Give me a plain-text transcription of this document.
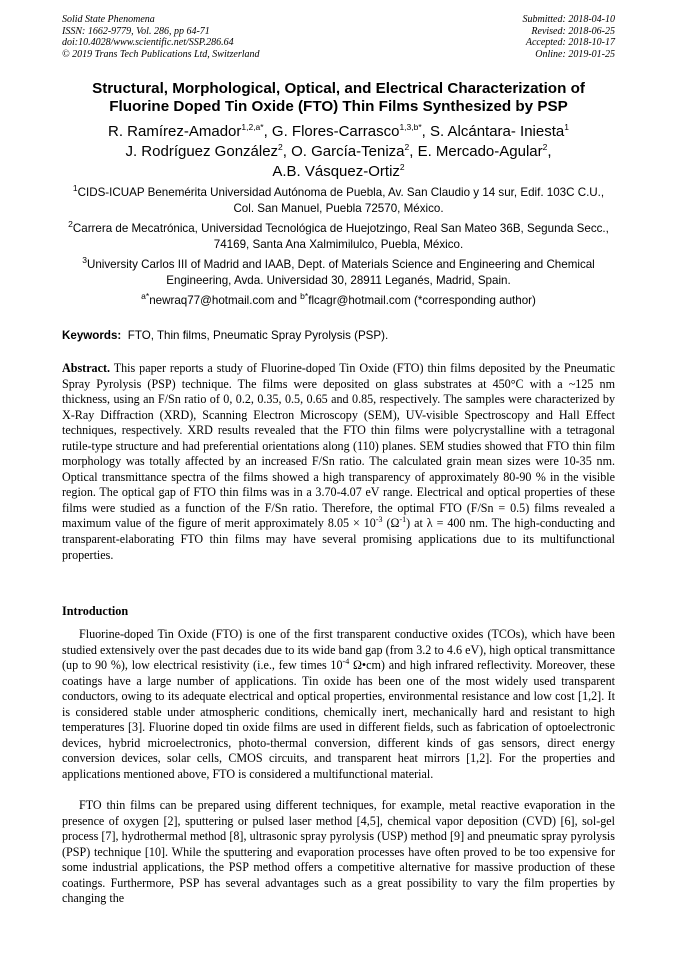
Solid State Phenomena
ISSN: 1662-9779, Vol. 286, pp 64-71
doi:10.4028/www.scientific.net/SSP.286.64
© 2019 Trans Tech Publications Ltd, Switzerland
Submitted: 2018-04-10
Revised: 2018-06-25
Accepted: 2018-10-17
Online: 2019-01-25
Structural, Morphological, Optical, and Electrical Characterization of
Fluorine Doped Tin Oxide (FTO) Thin Films Synthesized by PSP
R. Ramírez-Amador$^{1,2,a*}$, G. Flores-Carrasco$^{1,3,b*}$, S. Alcántara- Iniesta$^1$
J. Rodríguez González$^2$, O. García-Teniza$^2$, E. Mercado-Agular$^2$,
A.B. Vásquez-Ortiz$^2$
$^1$CIDS-ICUAP Benemérita Universidad Autónoma de Puebla, Av. San Claudio y 14 sur, Edif. 103C C.U., Col. San Manuel, Puebla 72570, México.
$^2$Carrera de Mecatrónica, Universidad Tecnológica de Huejotzingo, Real San Mateo 36B, Segunda Secc., 74169, Santa Ana Xalmimilulco, Puebla, México.
$^3$University Carlos III of Madrid and IAAB, Dept. of Materials Science and Engineering and Chemical Engineering, Avda. Universidad 30, 28911 Leganés, Madrid, Spain.
$^{a*}$newraq77@hotmail.com and $^{b*}$flcagr@hotmail.com (*corresponding author)
Keywords: FTO, Thin films, Pneumatic Spray Pyrolysis (PSP).
Abstract. This paper reports a study of Fluorine-doped Tin Oxide (FTO) thin films deposited by the Pneumatic Spray Pyrolysis (PSP) technique. The films were deposited on glass substrates at 450°C with a ~125 nm thickness, using an F/Sn ratio of 0, 0.2, 0.35, 0.5, 0.65 and 0.85, respectively. The samples were characterized by X-Ray Diffraction (XRD), Scanning Electron Microscopy (SEM), UV-visible Spectroscopy and Hall Effect techniques, respectively. XRD results revealed that the FTO thin films were polycrystalline with a tetragonal rutile-type structure and had preferential orientations along (110) planes. SEM studies showed that FTO thin film morphology was totally affected by an increased F/Sn ratio. The calculated grain mean sizes were 10-35 nm. Optical transmittance spectra of the films showed a high transparency of approximately 80-90 % in the visible region. The optical gap of FTO thin films was in a 3.70-4.07 eV range. Electrical and optical properties of these films were studied as a function of the F/Sn ratio. Therefore, the optimal FTO (F/Sn = 0.5) films revealed a maximum value of the figure of merit approximately $8.05 \times 10^{-3}$ $(\Omega^{-1})$ at λ = 400 nm. The high-conducting and transparent-elaborating FTO thin films may have several promising applications due to its multifunctional properties.
Introduction
Fluorine-doped Tin Oxide (FTO) is one of the first transparent conductive oxides (TCOs), which have been studied extensively over the past decades due to its wide band gap (from 3.2 to 4.6 eV), high optical transmittance (up to 90 %), low electrical resistivity (i.e., few times $10^{-4}$ Ω•cm) and high infrared reflectivity. Moreover, these coatings have a large number of applications. Tin oxide has been one of the most widely used transparent conductors, owing to its adequate electrical and optical properties, environmental resistance and low cost [1,2]. It is considered stable under atmospheric conditions, chemically inert, mechanically hard and resistant to high temperatures [3]. Fluorine doped tin oxide films are used in different fields, such as fabrication of optoelectronic devices, hybrid microelectronics, photo-thermal conversion, different kinds of gas sensors, direct energy conversion devices, solar cells, CMOS circuits, and transparent heat mirrors [1,2]. For the properties and applications mentioned above, FTO is considered a multifunctional material.
FTO thin films can be prepared using different techniques, for example, metal reactive evaporation in the presence of oxygen [2], sputtering or pulsed laser method [4,5], chemical vapor deposition (CVD) [6], sol-gel process [7], hydrothermal method [8], ultrasonic spray pyrolysis (USP) method [9] and pneumatic spray pyrolysis (PSP) technique [10]. While the sputtering and evaporation processes have often proved to be too expensive for some industrial applications, the PSP method offers a competitive alternative for massive production of these coatings. Furthermore, PSP has several advantages such as a great possibility to vary the film properties by changing the
